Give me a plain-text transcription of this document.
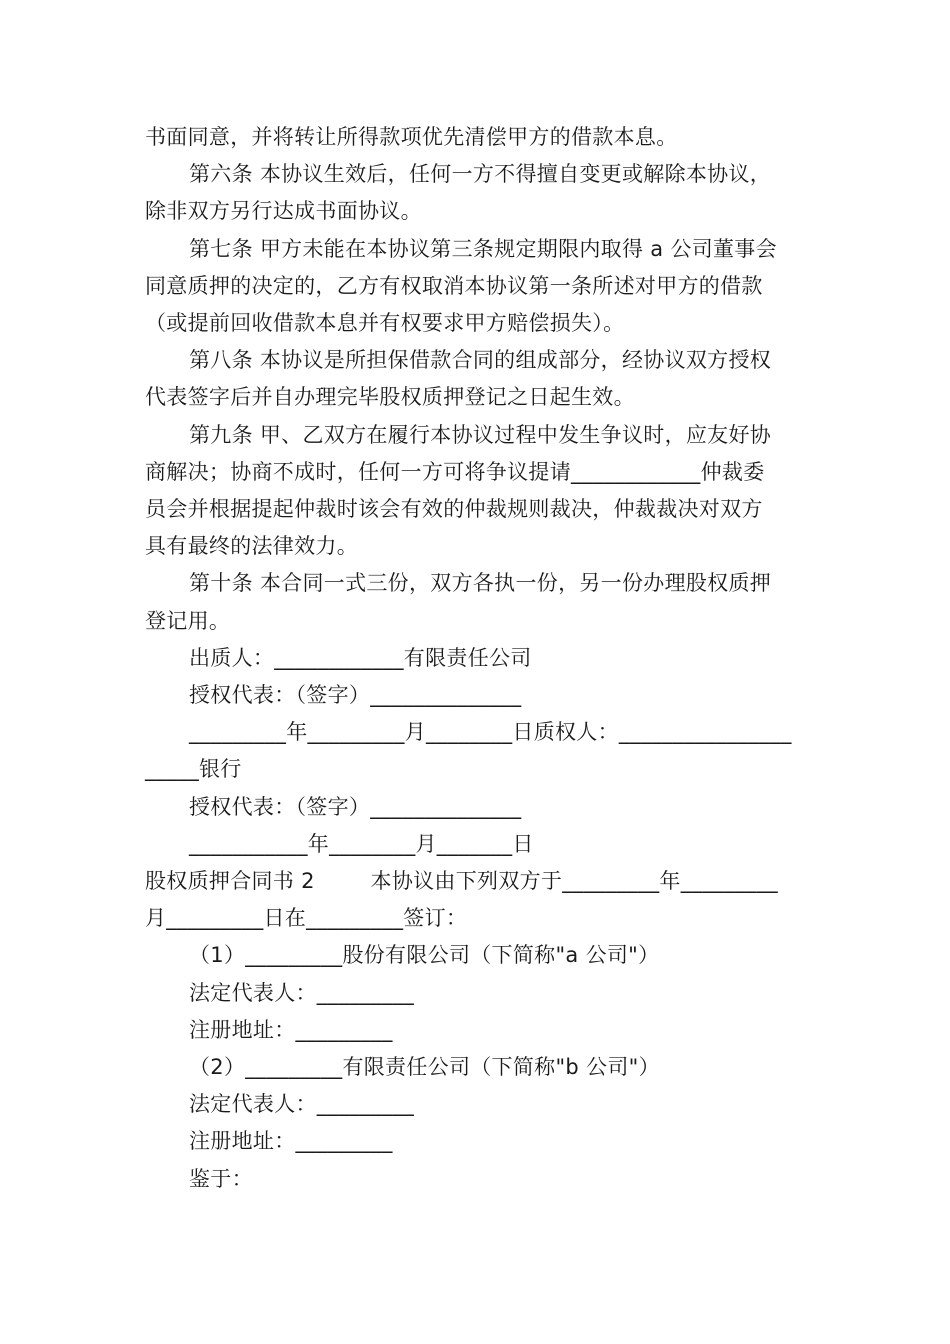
书面同意，并将转让所得款项优先清偿甲方的借款本息。
第六条 本协议生效后，任何一方不得擅自变更或解除本协议，
除非双方另行达成书面协议。
第七条 甲方未能在本协议第三条规定期限内取得 a 公司董事会
同意质押的决定的，乙方有权取消本协议第一条所述对甲方的借款
（或提前回收借款本息并有权要求甲方赔偿损失）。
第八条 本协议是所担保借款合同的组成部分，经协议双方授权
代表签字后并自办理完毕股权质押登记之日起生效。
第九条 甲、乙双方在履行本协议过程中发生争议时，应友好协
商解决；协商不成时，任何一方可将争议提请____________仲裁委
员会并根据提起仲裁时该会有效的仲裁规则裁决，仲裁裁决对双方
具有最终的法律效力。
第十条 本合同一式三份，双方各执一份，另一份办理股权质押
登记用。
出质人：____________有限责任公司
授权代表：（签字）______________
_________年_________月________日质权人：________________
_____银行
授权代表：（签字）______________
___________年________月_______日
股权质押合同书 2        本协议由下列双方于_________年_________
月_________日在_________签订：
（1）_________股份有限公司（下简称"a 公司"）
法定代表人：_________
注册地址：_________
（2）_________有限责任公司（下简称"b 公司"）
法定代表人：_________
注册地址：_________
鉴于：
